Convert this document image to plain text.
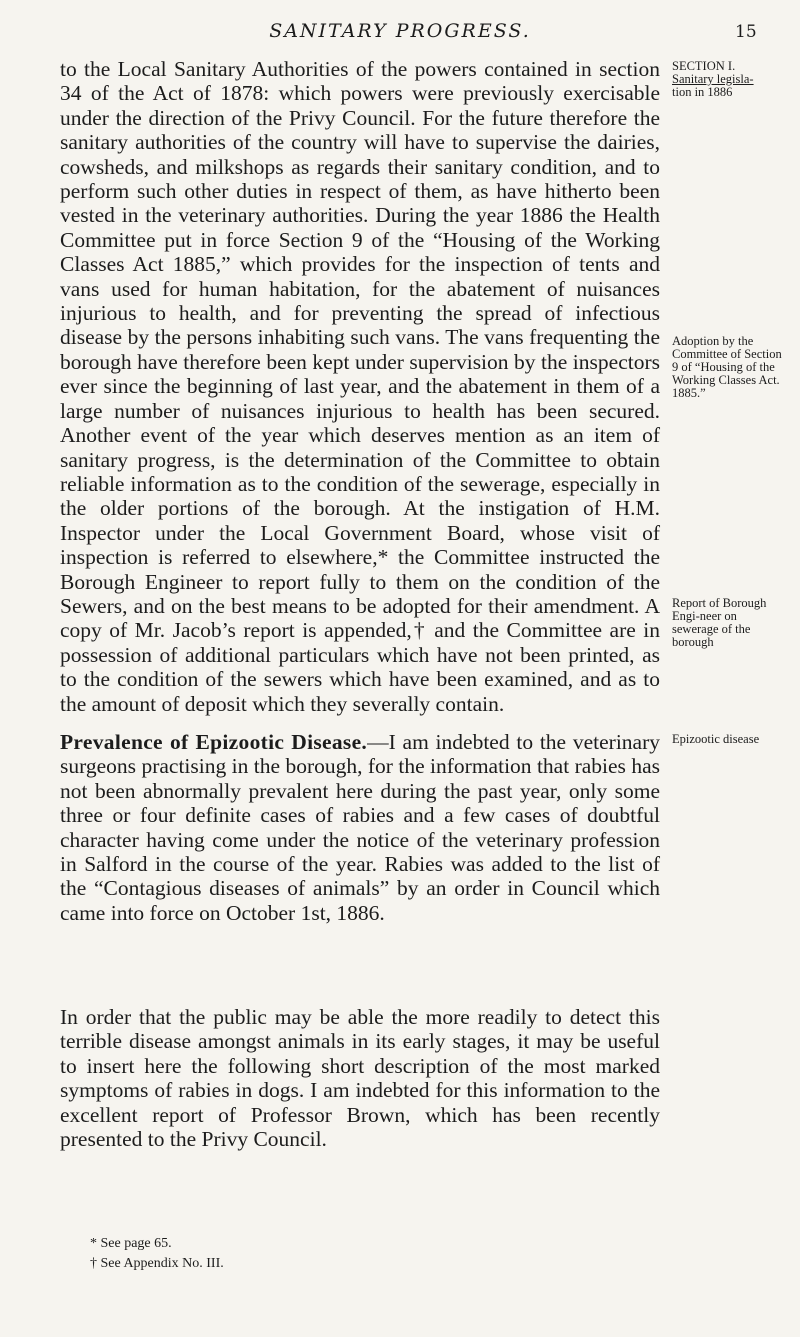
SANITARY PROGRESS.	15

to the Local Sanitary Authorities of the powers contained in section 34 of the Act of 1878: which powers were previously exercisable under the direction of the Privy Council. For the future therefore the sanitary authorities of the country will have to supervise the dairies, cowsheds, and milkshops as regards their sanitary condition, and to perform such other duties in respect of them, as have hitherto been vested in the veterinary authorities. During the year 1886 the Health Committee put in force Section 9 of the “Housing of the Working Classes Act 1885,” which provides for the inspection of tents and vans used for human habitation, for the abatement of nuisances injurious to health, and for preventing the spread of infectious disease by the persons inhabiting such vans. The vans frequenting the borough have therefore been kept under supervision by the inspectors ever since the beginning of last year, and the abatement in them of a large number of nuisances injurious to health has been secured. Another event of the year which deserves mention as an item of sanitary progress, is the determination of the Committee to obtain reliable information as to the condition of the sewerage, especially in the older portions of the borough. At the instigation of H.M. Inspector under the Local Government Board, whose visit of inspection is referred to elsewhere,* the Committee instructed the Borough Engineer to report fully to them on the condition of the Sewers, and on the best means to be adopted for their amendment. A copy of Mr. Jacob’s report is appended,† and the Committee are in possession of additional particulars which have not been printed, as to the condition of the sewers which have been examined, and as to the amount of deposit which they severally contain.

SECTION I.
Sanitary legisla-
tion in 1886

Adoption by the Committee of Section 9 of “Housing of the Working Classes Act. 1885.”

Report of Borough Engi-neer on sewerage of the borough

Epizootic disease

Prevalence of Epizootic Disease.—I am indebted to the veterinary surgeons practising in the borough, for the information that rabies has not been abnormally prevalent here during the past year, only some three or four definite cases of rabies and a few cases of doubtful character having come under the notice of the veterinary profession in Salford in the course of the year. Rabies was added to the list of the “Contagious diseases of animals” by an order in Council which came into force on October 1st, 1886.

In order that the public may be able the more readily to detect this terrible disease amongst animals in its early stages, it may be useful to insert here the following short description of the most marked symptoms of rabies in dogs. I am indebted for this information to the excellent report of Professor Brown, which has been recently presented to the Privy Council.

* See page 65.

† See Appendix No. III.
